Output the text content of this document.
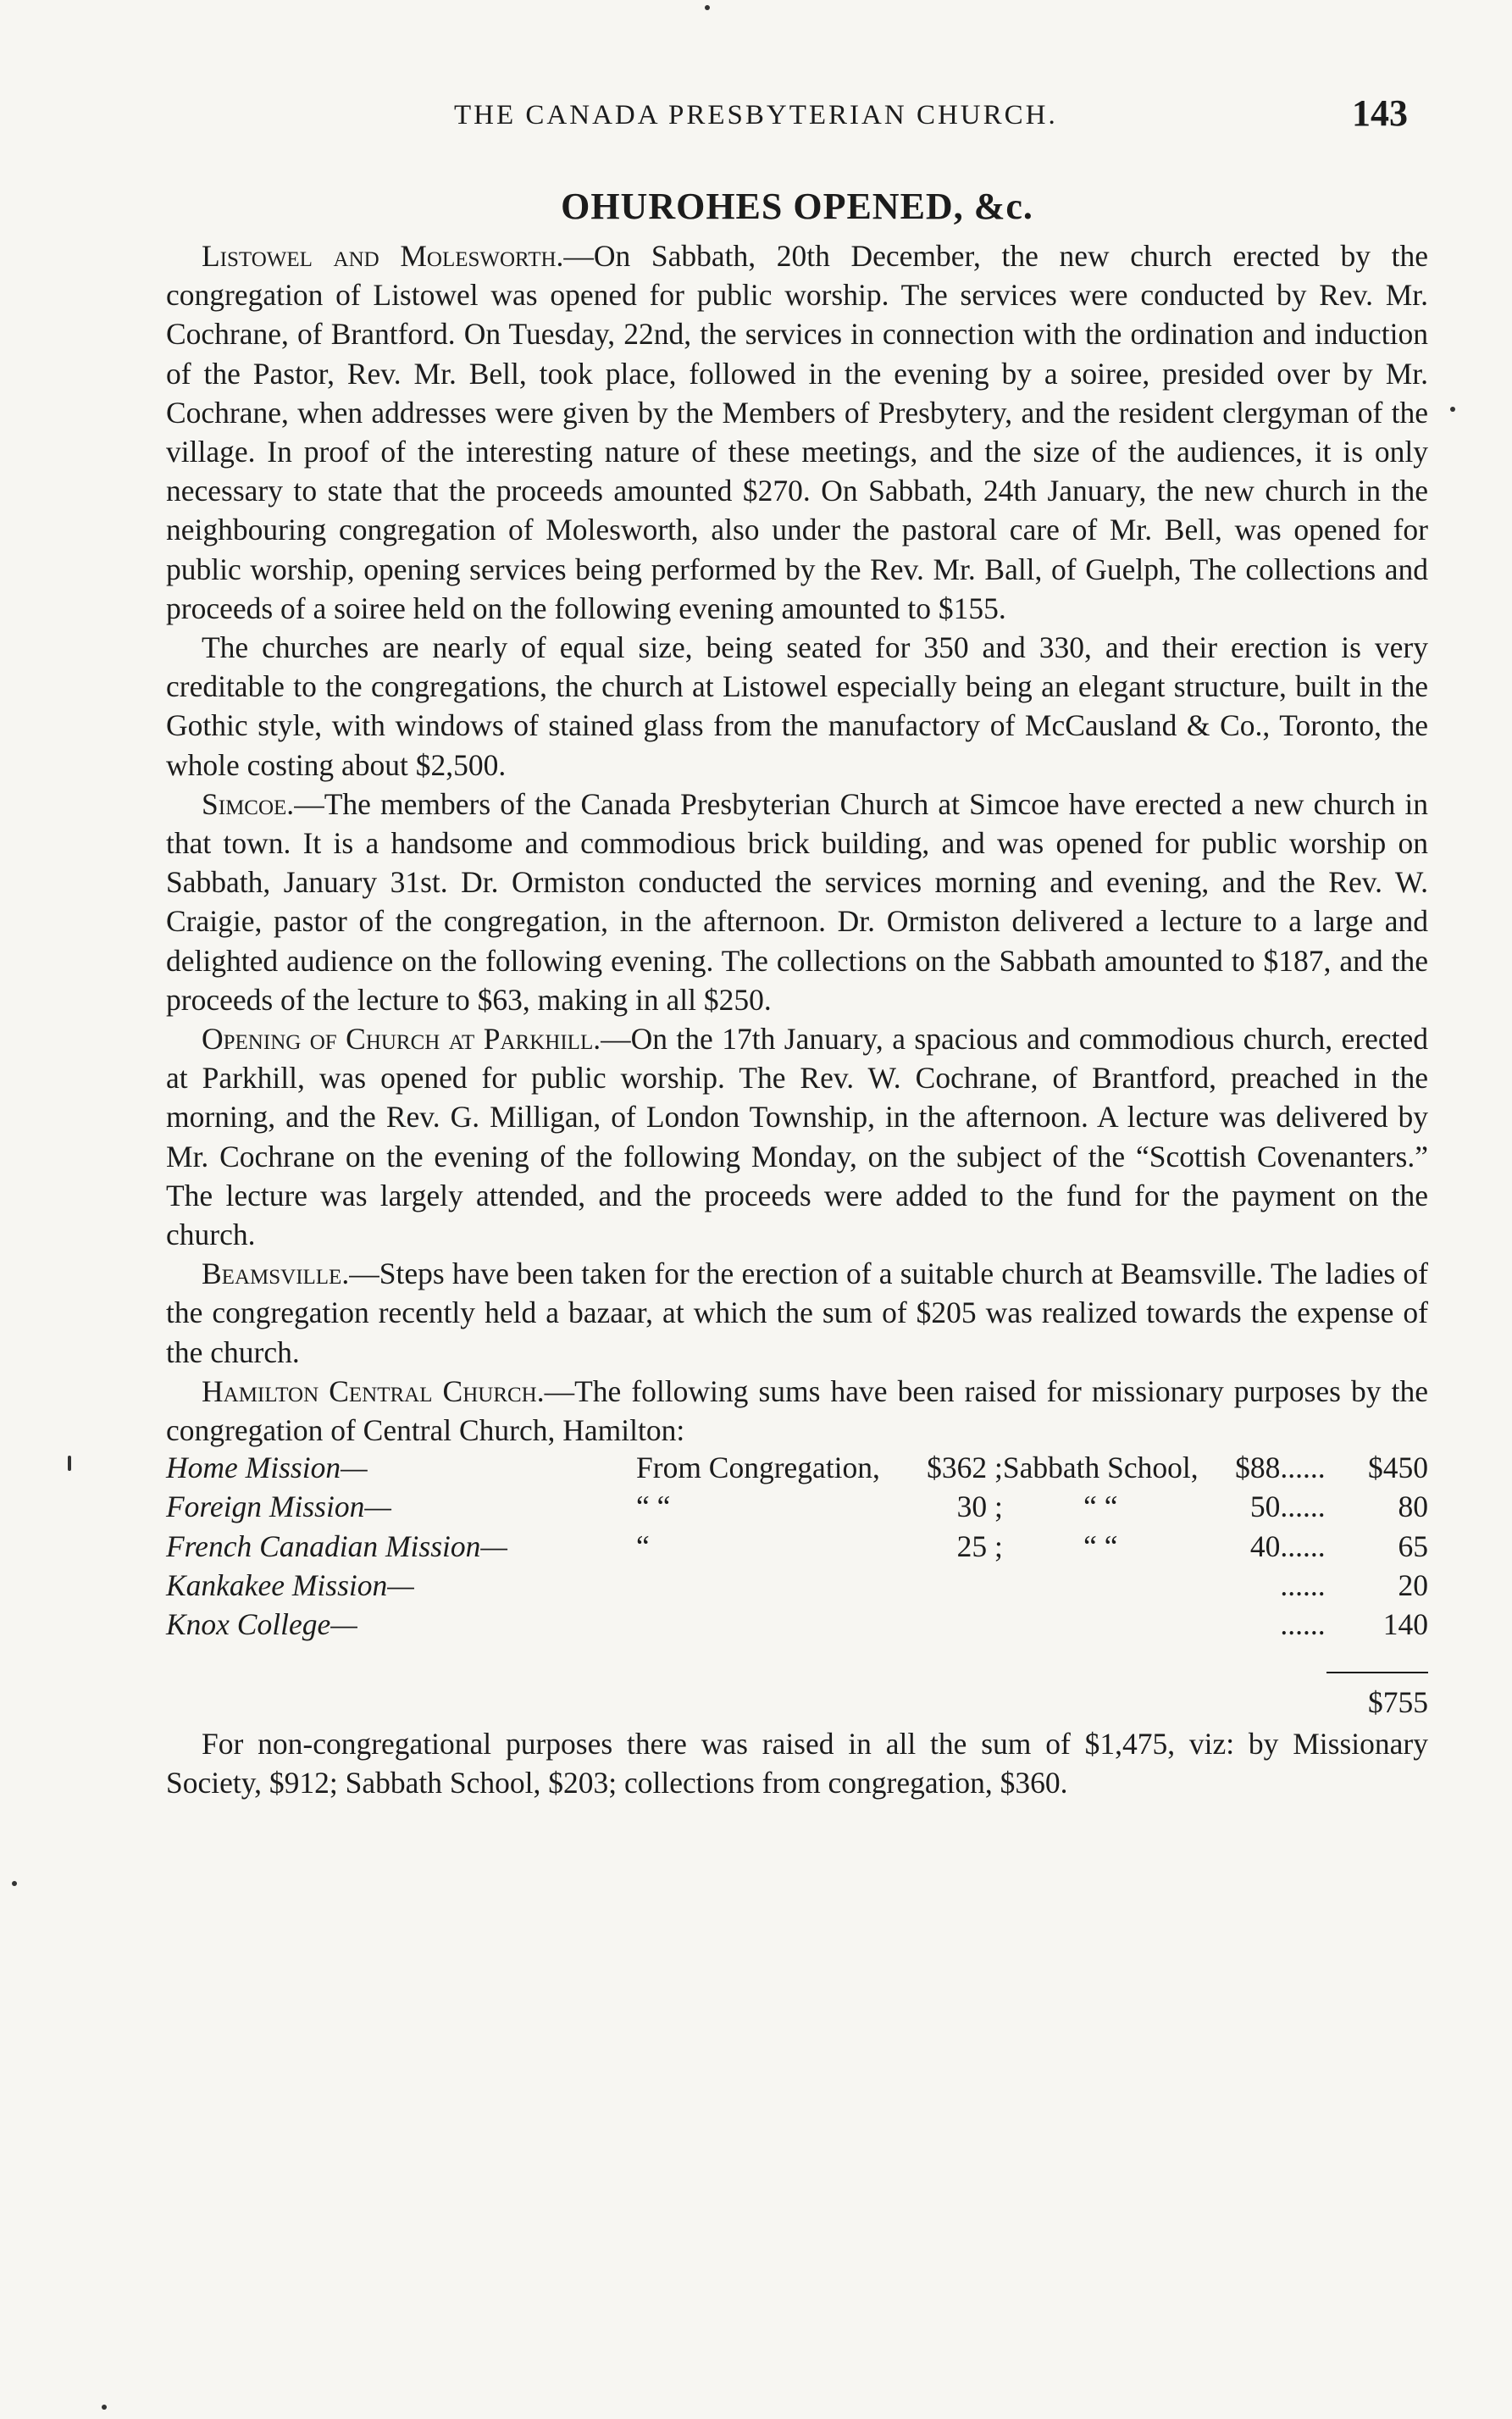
THE CANADA PRESBYTERIAN CHURCH.	143
OHUROHES OPENED, &c.

Listowel and Molesworth.—On Sabbath, 20th December, the new church erected by the congregation of Listowel was opened for public worship. The services were conducted by Rev. Mr. Cochrane, of Brantford. On Tuesday, 22nd, the services in connection with the ordination and induction of the Pastor, Rev. Mr. Bell, took place, followed in the evening by a soiree, presided over by Mr. Cochrane, when addresses were given by the Members of Presbytery, and the resident clergyman of the village. In proof of the interesting nature of these meetings, and the size of the audiences, it is only necessary to state that the proceeds amounted $270. On Sabbath, 24th January, the new church in the neighbouring congregation of Molesworth, also under the pastoral care of Mr. Bell, was opened for public worship, opening services being performed by the Rev. Mr. Ball, of Guelph, The collections and proceeds of a soiree held on the following evening amounted to $155.

The churches are nearly of equal size, being seated for 350 and 330, and their erection is very creditable to the congregations, the church at Listowel especially being an elegant structure, built in the Gothic style, with windows of stained glass from the manufactory of McCausland & Co., Toronto, the whole costing about $2,500.

Simcoe.—The members of the Canada Presbyterian Church at Simcoe have erected a new church in that town. It is a handsome and commodious brick building, and was opened for public worship on Sabbath, January 31st. Dr. Ormiston conducted the services morning and evening, and the Rev. W. Craigie, pastor of the congregation, in the afternoon. Dr. Ormiston delivered a lecture to a large and delighted audience on the following evening. The collections on the Sabbath amounted to $187, and the proceeds of the lecture to $63, making in all $250.

Opening of Church at Parkhill.—On the 17th January, a spacious and commodious church, erected at Parkhill, was opened for public worship. The Rev. W. Cochrane, of Brantford, preached in the morning, and the Rev. G. Milligan, of London Township, in the afternoon. A lecture was delivered by Mr. Cochrane on the evening of the following Monday, on the subject of the “Scottish Covenanters.” The lecture was largely attended, and the proceeds were added to the fund for the payment on the church.

Beamsville.—Steps have been taken for the erection of a suitable church at Beamsville. The ladies of the congregation recently held a bazaar, at which the sum of $205 was realized towards the expense of the church.

Hamilton Central Church.—The following sums have been raised for missionary purposes by the congregation of Central Church, Hamilton:

Home Mission—	From Congregation,	$362 ;	Sabbath School,	$88......	$450
Foreign Mission—	“ “	30 ;	“ “	50......	80
French Canadian Mission—	“	25 ;	“ “	40......	65
Kankakee Mission—				......	20
Knox College—				......	140

					$755

For non-congregational purposes there was raised in all the sum of $1,475, viz: by Missionary Society, $912; Sabbath School, $203; collections from congregation, $360.
